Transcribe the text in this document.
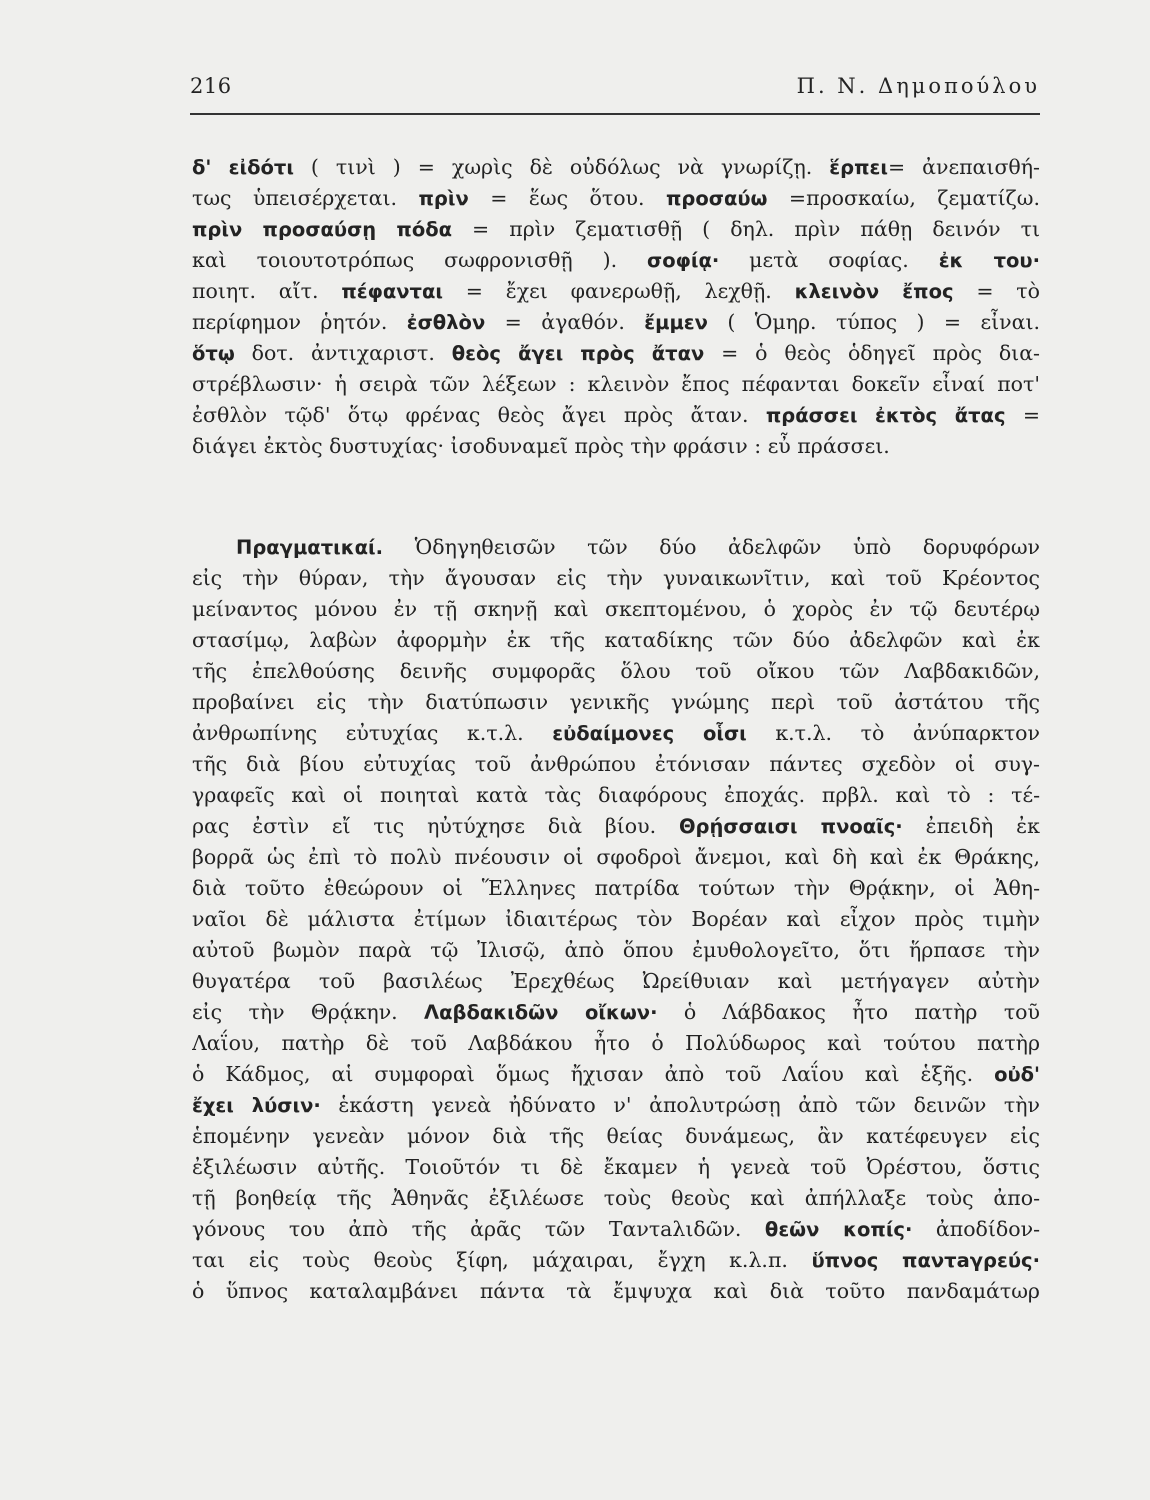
216	Π. Ν. Δημοπούλου
δ' εἰδότι ( τινὶ ) = χωρὶς δὲ οὐδόλως νὰ γνωρίζῃ. ἕρπει= ἀνεπαισθή-
τως ὑπεισέρχεται. πρὶν = ἕως ὅτου. προσαύω =προσκαίω, ζεματίζω.
πρὶν προσαύσῃ πόδα = πρὶν ζεματισθῇ ( δηλ. πρὶν πάθῃ δεινόν τι
καὶ τοιουτοτρόπως σωφρονισθῇ ). σοφίᾳ· μετὰ σοφίας. ἐκ του·
ποιητ. αἴτ. πέφανται = ἔχει φανερωθῇ, λεχθῇ. κλεινὸν ἔπος = τὸ
περίφημον ῥητόν. ἐσθλὸν = ἀγαθόν. ἔμμεν ( Ὁμηρ. τύπος ) = εἶναι.
ὅτῳ δοτ. ἀντιχαριστ. θεὸς ἄγει πρὸς ἄταν = ὁ θεὸς ὁδηγεῖ πρὸς δια-
στρέβλωσιν· ἡ σειρὰ τῶν λέξεων : κλεινὸν ἔπος πέφανται δοκεῖν εἶναί ποτ'
ἐσθλὸν τῷδ' ὅτῳ φρένας θεὸς ἄγει πρὸς ἄταν. πράσσει ἐκτὸς ἄτας =
διάγει ἐκτὸς δυστυχίας· ἰσοδυναμεῖ πρὸς τὴν φράσιν : εὖ πράσσει.
Πραγματικαί. Ὁδηγηθεισῶν τῶν δύο ἀδελφῶν ὑπὸ δορυφόρων
εἰς τὴν θύραν, τὴν ἄγουσαν εἰς τὴν γυναικωνῖτιν, καὶ τοῦ Κρέοντος
μείναντος μόνου ἐν τῇ σκηνῇ καὶ σκεπτομένου, ὁ χορὸς ἐν τῷ δευτέρῳ
στασίμῳ, λαβὼν ἀφορμὴν ἐκ τῆς καταδίκης τῶν δύο ἀδελφῶν καὶ ἐκ
τῆς ἐπελθούσης δεινῆς συμφορᾶς ὅλου τοῦ οἴκου τῶν Λαβδακιδῶν,
προβαίνει εἰς τὴν διατύπωσιν γενικῆς γνώμης περὶ τοῦ ἀστάτου τῆς
ἀνθρωπίνης εὐτυχίας κ.τ.λ. εὐδαίμονες οἷσι κ.τ.λ. τὸ ἀνύπαρκτον
τῆς διὰ βίου εὐτυχίας τοῦ ἀνθρώπου ἐτόνισαν πάντες σχεδὸν οἱ συγ-
γραφεῖς καὶ οἱ ποιηταὶ κατὰ τὰς διαφόρους ἐποχάς. πρβλ. καὶ τὸ : τέ-
ρας ἐστὶν εἴ τις ηὐτύχησε διὰ βίου. Θρῄσσαισι πνοαῖς· ἐπειδὴ ἐκ
βορρᾶ ὡς ἐπὶ τὸ πολὺ πνέουσιν οἱ σφοδροὶ ἄνεμοι, καὶ δὴ καὶ ἐκ Θράκης,
διὰ τοῦτο ἐθεώρουν οἱ Ἕλληνες πατρίδα τούτων τὴν Θρᾴκην, οἱ Ἀθη-
ναῖοι δὲ μάλιστα ἐτίμων ἰδιαιτέρως τὸν Βορέαν καὶ εἶχον πρὸς τιμὴν
αὐτοῦ βωμὸν παρὰ τῷ Ἰλισῷ, ἀπὸ ὅπου ἐμυθολογεῖτο, ὅτι ἥρπασε τὴν
θυγατέρα τοῦ βασιλέως Ἐρεχθέως Ὠρείθυιαν καὶ μετήγαγεν αὐτὴν
εἰς τὴν Θρᾴκην. Λαβδακιδῶν οἴκων· ὁ Λάβδακος ἦτο πατὴρ τοῦ
Λαΐου, πατὴρ δὲ τοῦ Λαβδάκου ἦτο ὁ Πολύδωρος καὶ τούτου πατὴρ
ὁ Κάδμος, αἱ συμφοραὶ ὅμως ἤχισαν ἀπὸ τοῦ Λαΐου καὶ ἑξῆς. οὐδ'
ἔχει λύσιν· ἑκάστη γενεὰ ἠδύνατο ν' ἀπολυτρώσῃ ἀπὸ τῶν δεινῶν τὴν
ἑπομένην γενεὰν μόνον διὰ τῆς θείας δυνάμεως, ἂν κατέφευγεν εἰς
ἐξιλέωσιν αὐτῆς. Τοιοῦτόν τι δὲ ἔκαμεν ἡ γενεὰ τοῦ Ὀρέστου, ὅστις
τῇ βοηθείᾳ τῆς Ἀθηνᾶς ἐξιλέωσε τοὺς θεοὺς καὶ ἀπήλλαξε τοὺς ἀπο-
γόνους του ἀπὸ τῆς ἀρᾶς τῶν Ταντaλιδῶν. θεῶν κοπίς· ἀποδίδον-
ται εἰς τοὺς θεοὺς ξίφη, μάχαιραι, ἔγχη κ.λ.π. ὕπνος παντaγρεύς·
ὁ ὕπνος καταλαμβάνει πάντα τὰ ἔμψυχα καὶ διὰ τοῦτο πανδαμάτωρ
